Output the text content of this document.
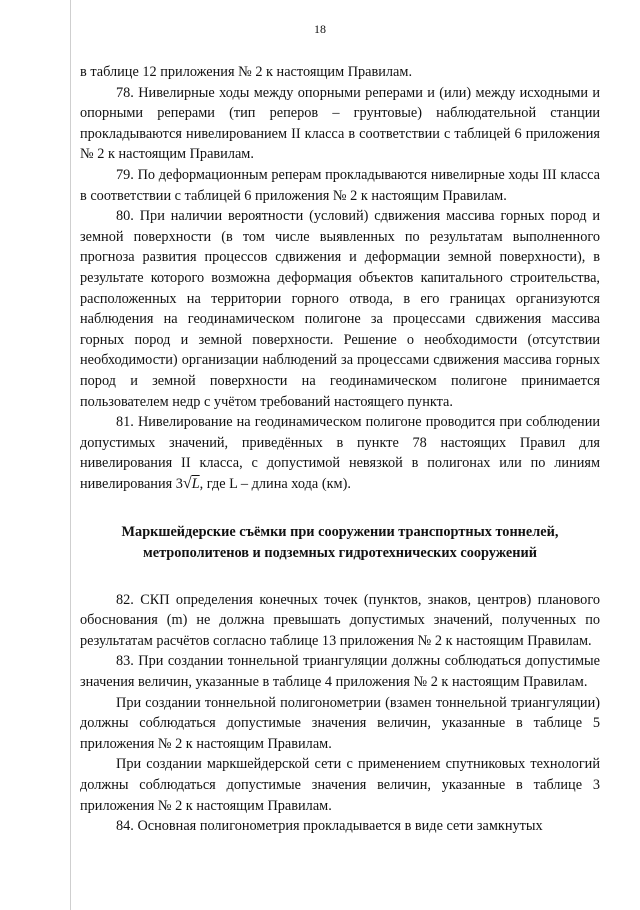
18

в таблице 12 приложения № 2 к настоящим Правилам.

78. Нивелирные ходы между опорными реперами и (или) между исходными и опорными реперами (тип реперов – грунтовые) наблюдательной станции прокладываются нивелированием II класса в соответствии с таблицей 6 приложения № 2 к настоящим Правилам.

79. По деформационным реперам прокладываются нивелирные ходы III класса в соответствии с таблицей 6 приложения № 2 к настоящим Правилам.

80. При наличии вероятности (условий) сдвижения массива горных пород и земной поверхности (в том числе выявленных по результатам выполненного прогноза развития процессов сдвижения и деформации земной поверхности), в результате которого возможна деформация объектов капитального строительства, расположенных на территории горного отвода, в его границах организуются наблюдения на геодинамическом полигоне за процессами сдвижения массива горных пород и земной поверхности. Решение о необходимости (отсутствии необходимости) организации наблюдений за процессами сдвижения массива горных пород и земной поверхности на геодинамическом полигоне принимается пользователем недр с учётом требований настоящего пункта.

81. Нивелирование на геодинамическом полигоне проводится при соблюдении допустимых значений, приведённых в пункте 78 настоящих Правил для нивелирования II класса, с допустимой невязкой в полигонах или по линиям нивелирования 3√L, где L – длина хода (км).

Маркшейдерские съёмки при сооружении транспортных тоннелей, метрополитенов и подземных гидротехнических сооружений

82. СКП определения конечных точек (пунктов, знаков, центров) планового обоснования (m) не должна превышать допустимых значений, полученных по результатам расчётов согласно таблице 13 приложения № 2 к настоящим Правилам.

83. При создании тоннельной триангуляции должны соблюдаться допустимые значения величин, указанные в таблице 4 приложения № 2 к настоящим Правилам.

При создании тоннельной полигонометрии (взамен тоннельной триангуляции) должны соблюдаться допустимые значения величин, указанные в таблице 5 приложения № 2 к настоящим Правилам.

При создании маркшейдерской сети с применением спутниковых технологий должны соблюдаться допустимые значения величин, указанные в таблице 3 приложения № 2 к настоящим Правилам.

84. Основная полигонометрия прокладывается в виде сети замкнутых
